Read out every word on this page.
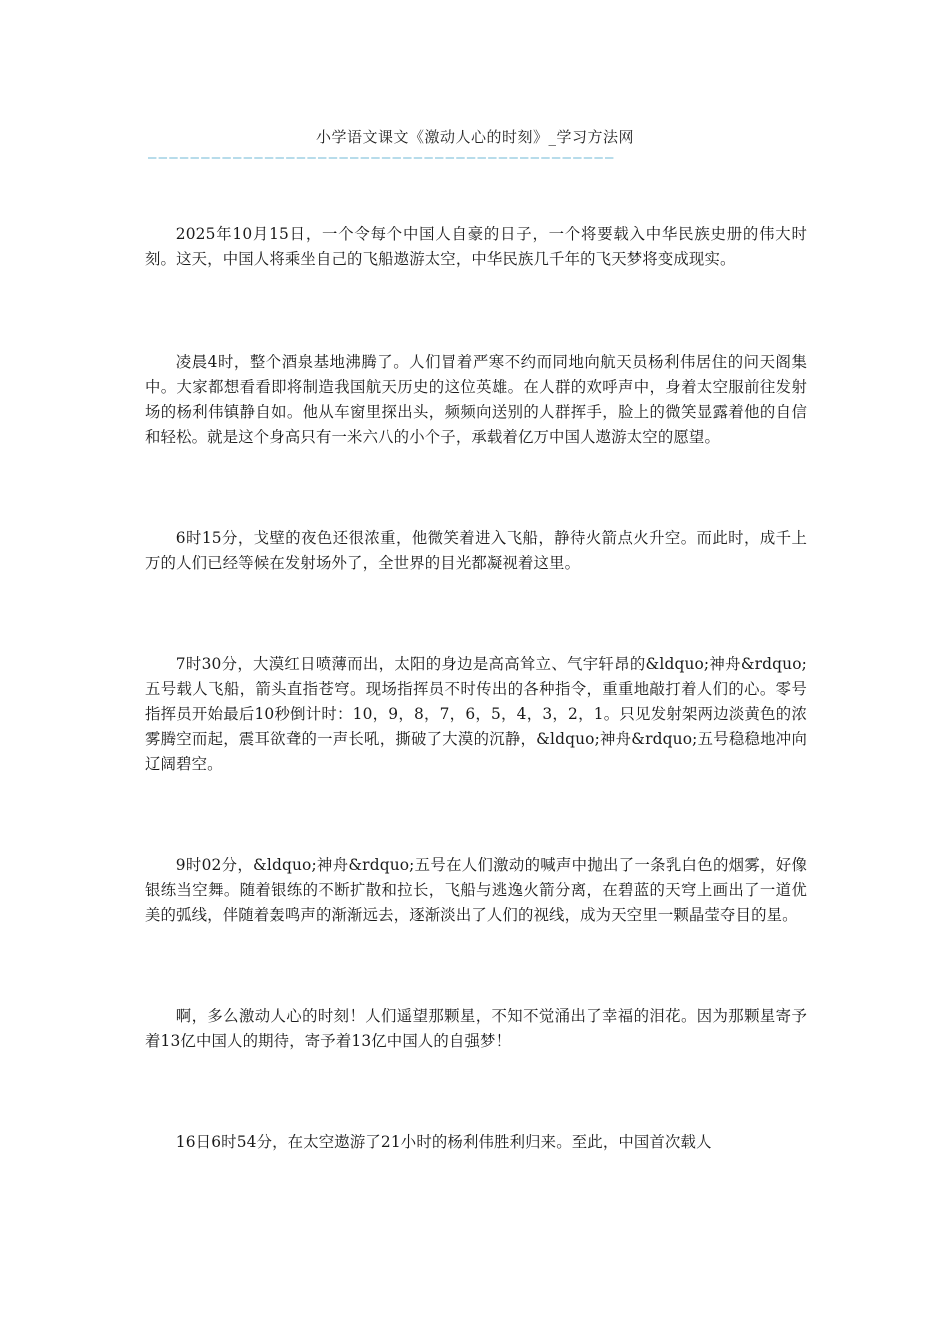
小学语文课文《激动人心的时刻》_学习方法网
————————————————————————————————————————————

2025年10月15日，一个令每个中国人自豪的日子，一个将要载入中华民族史册的伟大时刻。这天，中国人将乘坐自己的飞船遨游太空，中华民族几千年的飞天梦将变成现实。

凌晨4时，整个酒泉基地沸腾了。人们冒着严寒不约而同地向航天员杨利伟居住的问天阁集中。大家都想看看即将制造我国航天历史的这位英雄。在人群的欢呼声中，身着太空服前往发射场的杨利伟镇静自如。他从车窗里探出头，频频向送别的人群挥手，脸上的微笑显露着他的自信和轻松。就是这个身高只有一米六八的小个子，承载着亿万中国人遨游太空的愿望。

6时15分，戈壁的夜色还很浓重，他微笑着进入飞船，静待火箭点火升空。而此时，成千上万的人们已经等候在发射场外了，全世界的目光都凝视着这里。

7时30分，大漠红日喷薄而出，太阳的身边是高高耸立、气宇轩昂的&ldquo;神舟&rdquo;五号载人飞船，箭头直指苍穹。现场指挥员不时传出的各种指令，重重地敲打着人们的心。零号指挥员开始最后10秒倒计时：10，9，8，7，6，5，4，3，2，1。只见发射架两边淡黄色的浓雾腾空而起，震耳欲聋的一声长吼，撕破了大漠的沉静，&ldquo;神舟&rdquo;五号稳稳地冲向辽阔碧空。

9时02分，&ldquo;神舟&rdquo;五号在人们激动的喊声中抛出了一条乳白色的烟雾，好像银练当空舞。随着银练的不断扩散和拉长，飞船与逃逸火箭分离，在碧蓝的天穹上画出了一道优美的弧线，伴随着轰鸣声的渐渐远去，逐渐淡出了人们的视线，成为天空里一颗晶莹夺目的星。

啊，多么激动人心的时刻！人们遥望那颗星，不知不觉涌出了幸福的泪花。因为那颗星寄予着13亿中国人的期待，寄予着13亿中国人的自强梦！

16日6时54分，在太空遨游了21小时的杨利伟胜利归来。至此，中国首次载人
